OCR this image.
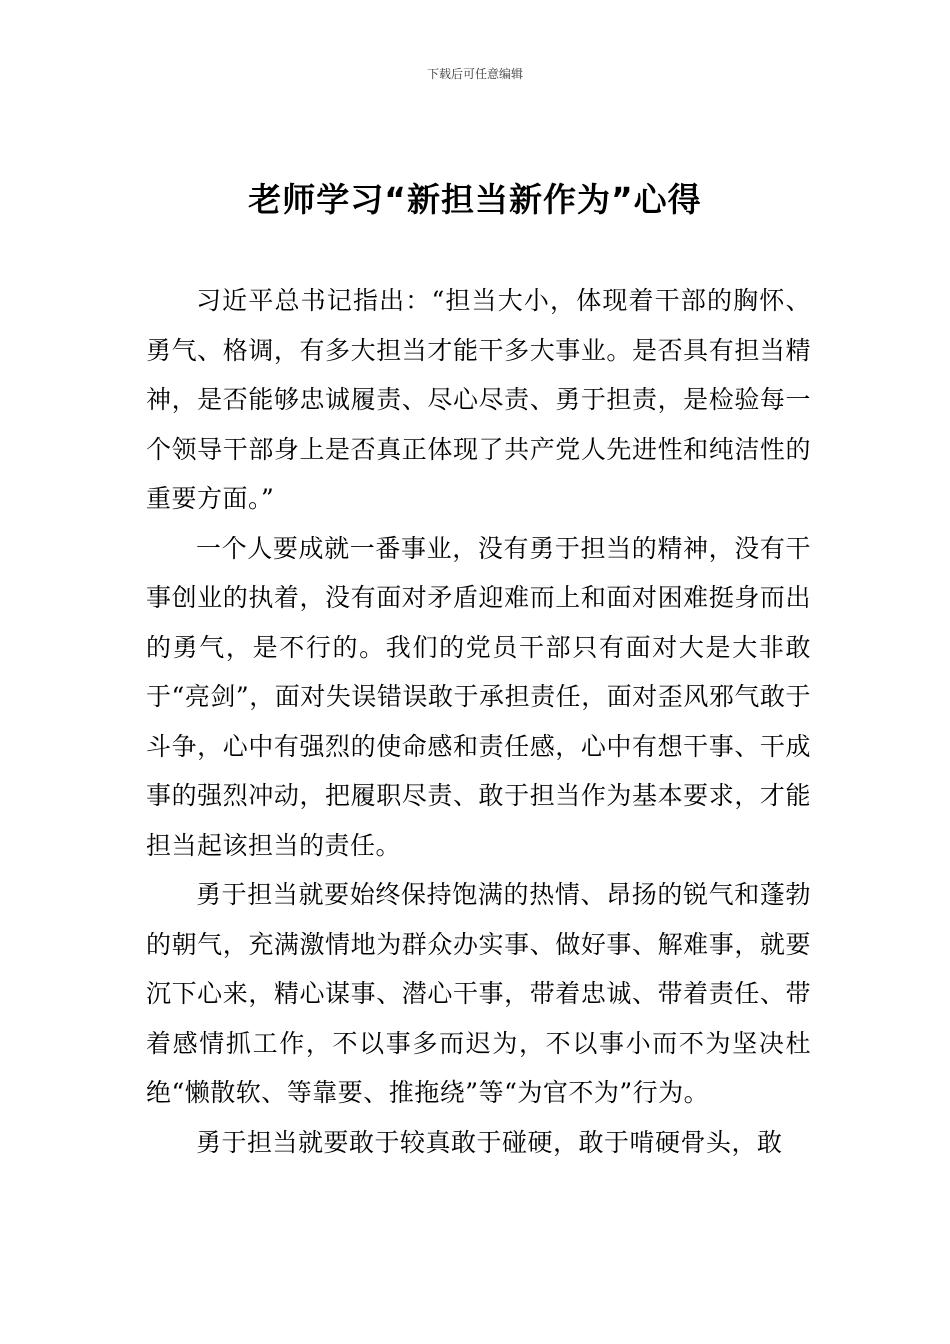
下载后可任意编辑
老师学习“新担当新作为”心得

习近平总书记指出：“担当大小，体现着干部的胸怀、勇气、格调，有多大担当才能干多大事业。是否具有担当精神，是否能够忠诚履责、尽心尽责、勇于担责，是检验每一个领导干部身上是否真正体现了共产党人先进性和纯洁性的重要方面。”

一个人要成就一番事业，没有勇于担当的精神，没有干事创业的执着，没有面对矛盾迎难而上和面对困难挺身而出的勇气，是不行的。我们的党员干部只有面对大是大非敢于“亮剑”，面对失误错误敢于承担责任，面对歪风邪气敢于斗争，心中有强烈的使命感和责任感，心中有想干事、干成事的强烈冲动，把履职尽责、敢于担当作为基本要求，才能担当起该担当的责任。

勇于担当就要始终保持饱满的热情、昂扬的锐气和蓬勃的朝气，充满激情地为群众办实事、做好事、解难事，就要沉下心来，精心谋事、潜心干事，带着忠诚、带着责任、带着感情抓工作，不以事多而迟为，不以事小而不为坚决杜绝“懒散软、等靠要、推拖绕”等“为官不为”行为。

勇于担当就要敢于较真敢于碰硬，敢于啃硬骨头，敢
